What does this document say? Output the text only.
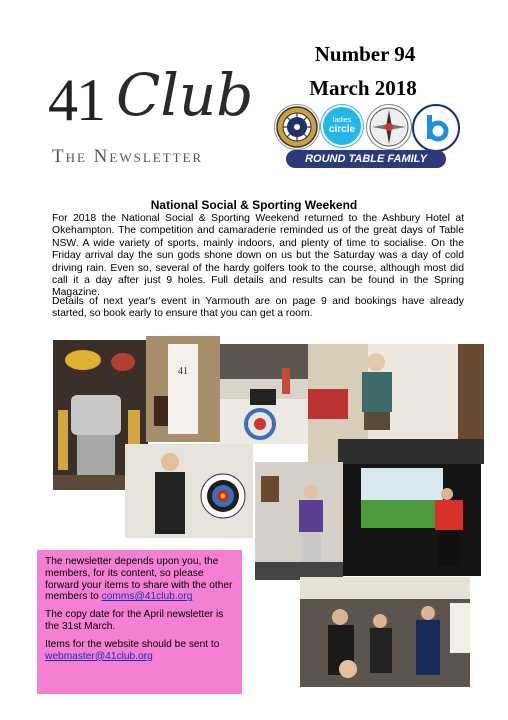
41 Club
The Newsletter
Number 94
March 2018
ladies
circle
ROUND TABLE FAMILY
National Social & Sporting Weekend
For 2018 the National Social & Sporting Weekend returned to the Ashbury Hotel at Okehampton. The competition and camaraderie reminded us of the great days of Table NSW. A wide variety of sports, mainly indoors, and plenty of time to socialise. On the Friday arrival day the sun gods shone down on us but the Saturday was a day of cold driving rain. Even so, several of the hardy golfers took to the course, although most did call it a day after just 9 holes. Full details and results can be found in the Spring Magazine.
Details of next year's event in Yarmouth are on page 9 and bookings have already started, so book early to ensure that you can get a room.
41

The newsletter depends upon you, the members, for its content, so please forward your items to share with the other members to comms@41club.org

The copy date for the April newsletter is the 31st March.

Items for the website should be sent to webmaster@41club.org
